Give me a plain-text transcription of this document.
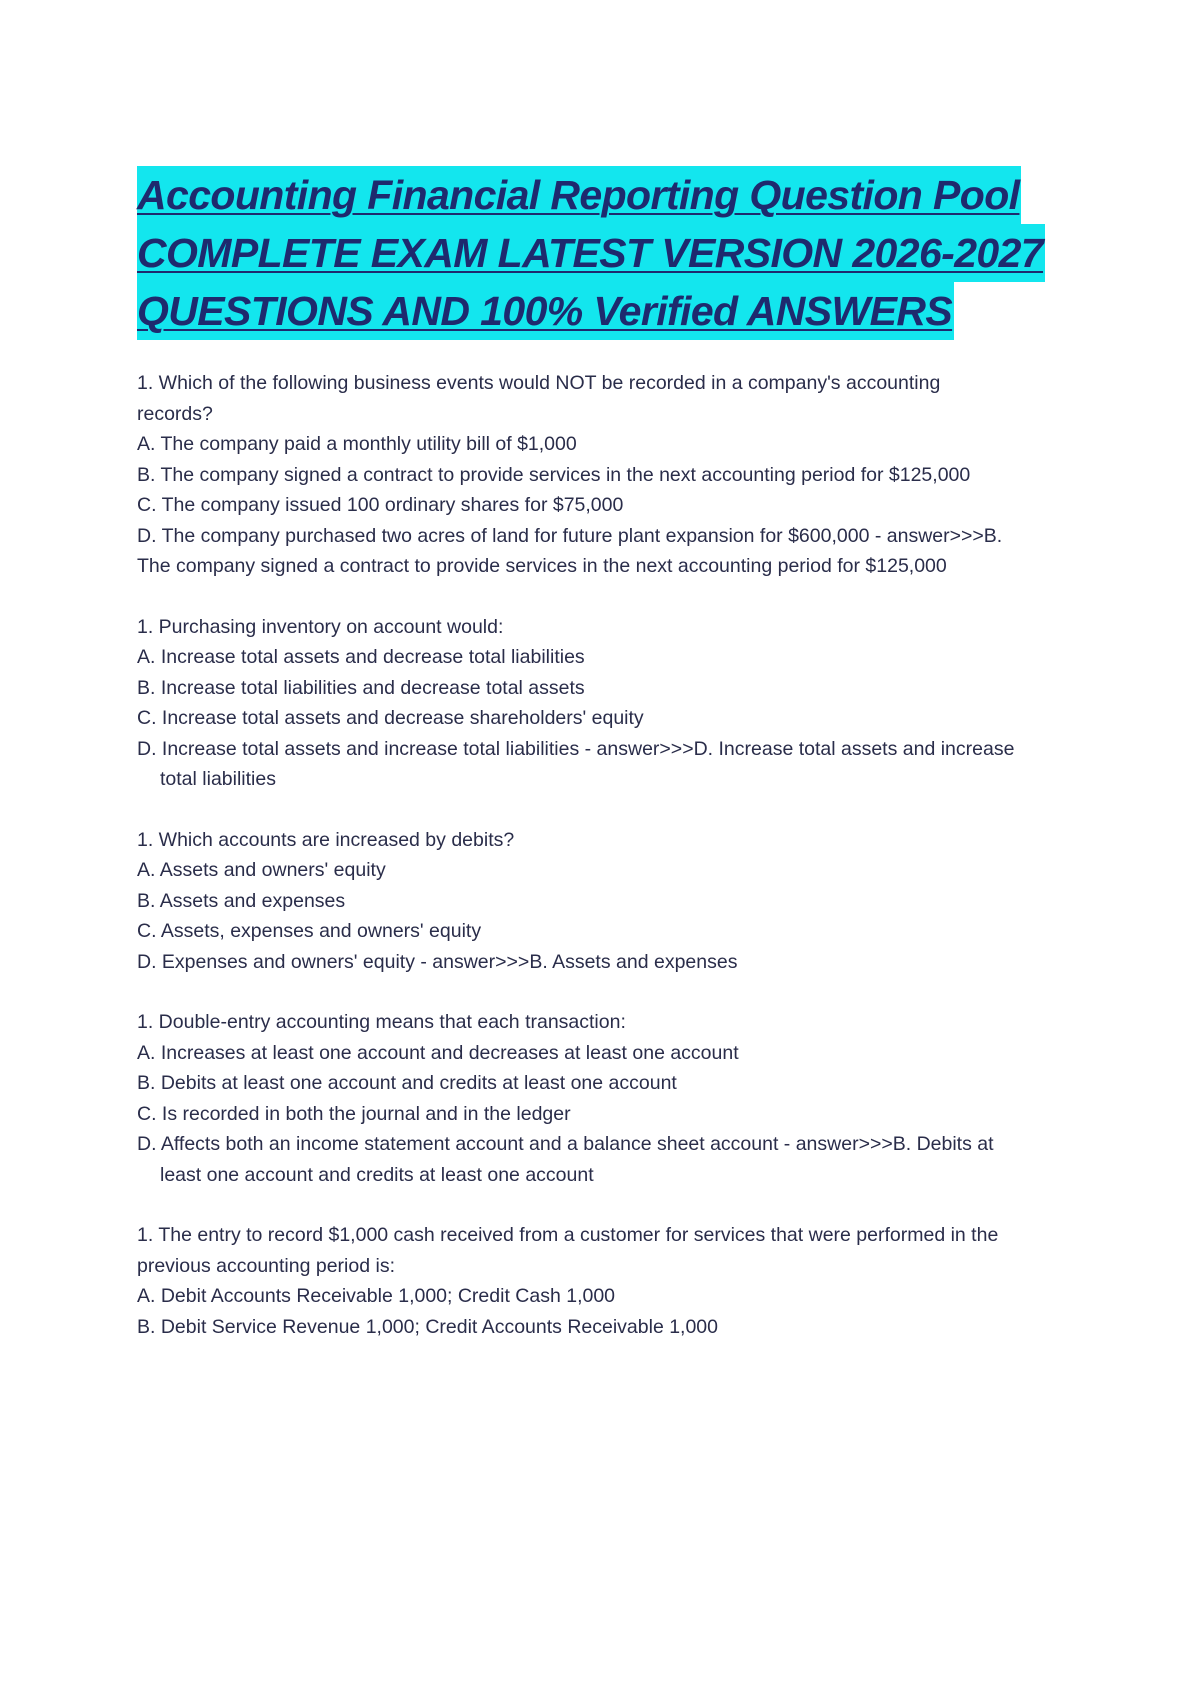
Accounting Financial Reporting Question Pool
COMPLETE EXAM LATEST VERSION 2026-2027
QUESTIONS AND 100% Verified ANSWERS
1. Which of the following business events would NOT be recorded in a company's accounting records?
A. The company paid a monthly utility bill of $1,000
B. The company signed a contract to provide services in the next accounting period for $125,000
C. The company issued 100 ordinary shares for $75,000
D. The company purchased two acres of land for future plant expansion for $600,000 - answer>>>B. The company signed a contract to provide services in the next accounting period for $125,000
1. Purchasing inventory on account would:
A. Increase total assets and decrease total liabilities
B. Increase total liabilities and decrease total assets
C. Increase total assets and decrease shareholders' equity
D. Increase total assets and increase total liabilities - answer>>>D. Increase total assets and increase total liabilities
1. Which accounts are increased by debits?
A. Assets and owners' equity
B. Assets and expenses
C. Assets, expenses and owners' equity
D. Expenses and owners' equity - answer>>>B. Assets and expenses
1. Double-entry accounting means that each transaction:
A. Increases at least one account and decreases at least one account
B. Debits at least one account and credits at least one account
C. Is recorded in both the journal and in the ledger
D. Affects both an income statement account and a balance sheet account - answer>>>B. Debits at least one account and credits at least one account
1. The entry to record $1,000 cash received from a customer for services that were performed in the previous accounting period is:
A. Debit Accounts Receivable 1,000; Credit Cash 1,000
B. Debit Service Revenue 1,000; Credit Accounts Receivable 1,000
